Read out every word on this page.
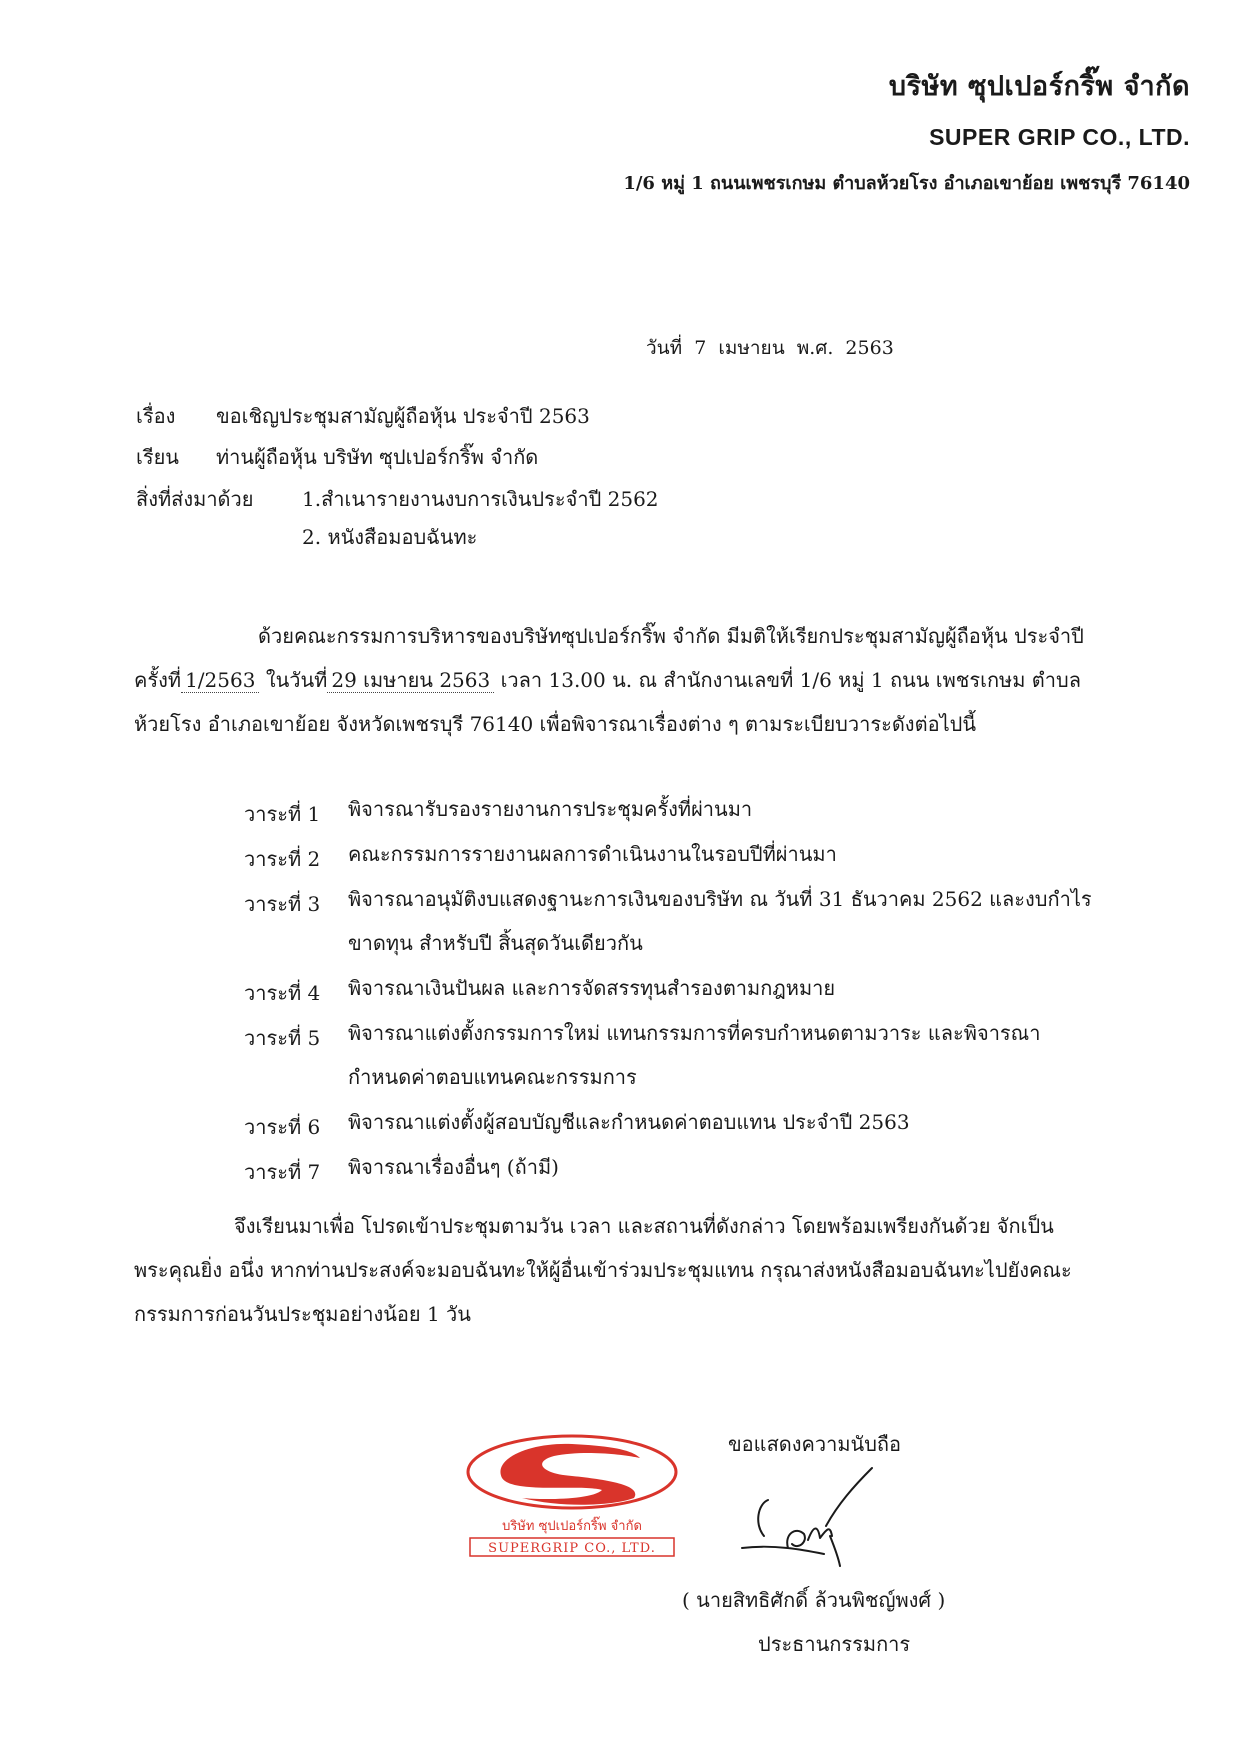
บริษัท ซุปเปอร์กริ๊พ จำกัด
SUPER GRIP CO., LTD.
1/6 หมู่ 1 ถนนเพชรเกษม ตำบลห้วยโรง อำเภอเขาย้อย เพชรบุรี 76140
วันที่ 7 เมษายน พ.ศ. 2563
เรื่อง ขอเชิญประชุมสามัญผู้ถือหุ้น ประจำปี 2563
เรียน ท่านผู้ถือหุ้น บริษัท ซุปเปอร์กริ๊พ จำกัด
สิ่งที่ส่งมาด้วย 1.สำเนารายงานงบการเงินประจำปี 2562
2. หนังสือมอบฉันทะ
ด้วยคณะกรรมการบริหารของบริษัทซุปเปอร์กริ๊พ จำกัด มีมติให้เรียกประชุมสามัญผู้ถือหุ้น ประจำปีครั้งที่ 1/2563 ในวันที่ 29 เมษายน 2563 เวลา 13.00 น. ณ สำนักงานเลขที่ 1/6 หมู่ 1 ถนน เพชรเกษม ตำบลห้วยโรง อำเภอเขาย้อย จังหวัดเพชรบุรี 76140 เพื่อพิจารณาเรื่องต่าง ๆ ตามระเบียบวาระดังต่อไปนี้
วาระที่ 1	พิจารณารับรองรายงานการประชุมครั้งที่ผ่านมา
วาระที่ 2	คณะกรรมการรายงานผลการดำเนินงานในรอบปีที่ผ่านมา
วาระที่ 3	พิจารณาอนุมัติงบแสดงฐานะการเงินของบริษัท ณ วันที่ 31 ธันวาคม 2562 และงบกำไรขาดทุน สำหรับปี สิ้นสุดวันเดียวกัน
วาระที่ 4	พิจารณาเงินปันผล และการจัดสรรทุนสำรองตามกฎหมาย
วาระที่ 5	พิจารณาแต่งตั้งกรรมการใหม่ แทนกรรมการที่ครบกำหนดตามวาระ และพิจารณา กำหนดค่าตอบแทนคณะกรรมการ
วาระที่ 6	พิจารณาแต่งตั้งผู้สอบบัญชีและกำหนดค่าตอบแทน ประจำปี 2563
วาระที่ 7	พิจารณาเรื่องอื่นๆ (ถ้ามี)
จึงเรียนมาเพื่อ โปรดเข้าประชุมตามวัน เวลา และสถานที่ดังกล่าว โดยพร้อมเพรียงกันด้วย จักเป็นพระคุณยิ่ง อนึ่ง หากท่านประสงค์จะมอบฉันทะให้ผู้อื่นเข้าร่วมประชุมแทน กรุณาส่งหนังสือมอบฉันทะไปยังคณะกรรมการก่อนวันประชุมอย่างน้อย 1 วัน
ขอแสดงความนับถือ
บริษัท ซุปเปอร์กริ๊พ จำกัด
SUPERGRIP CO., LTD.
( นายสิทธิศักดิ์ ล้วนพิชญ์พงศ์ )
ประธานกรรมการ
